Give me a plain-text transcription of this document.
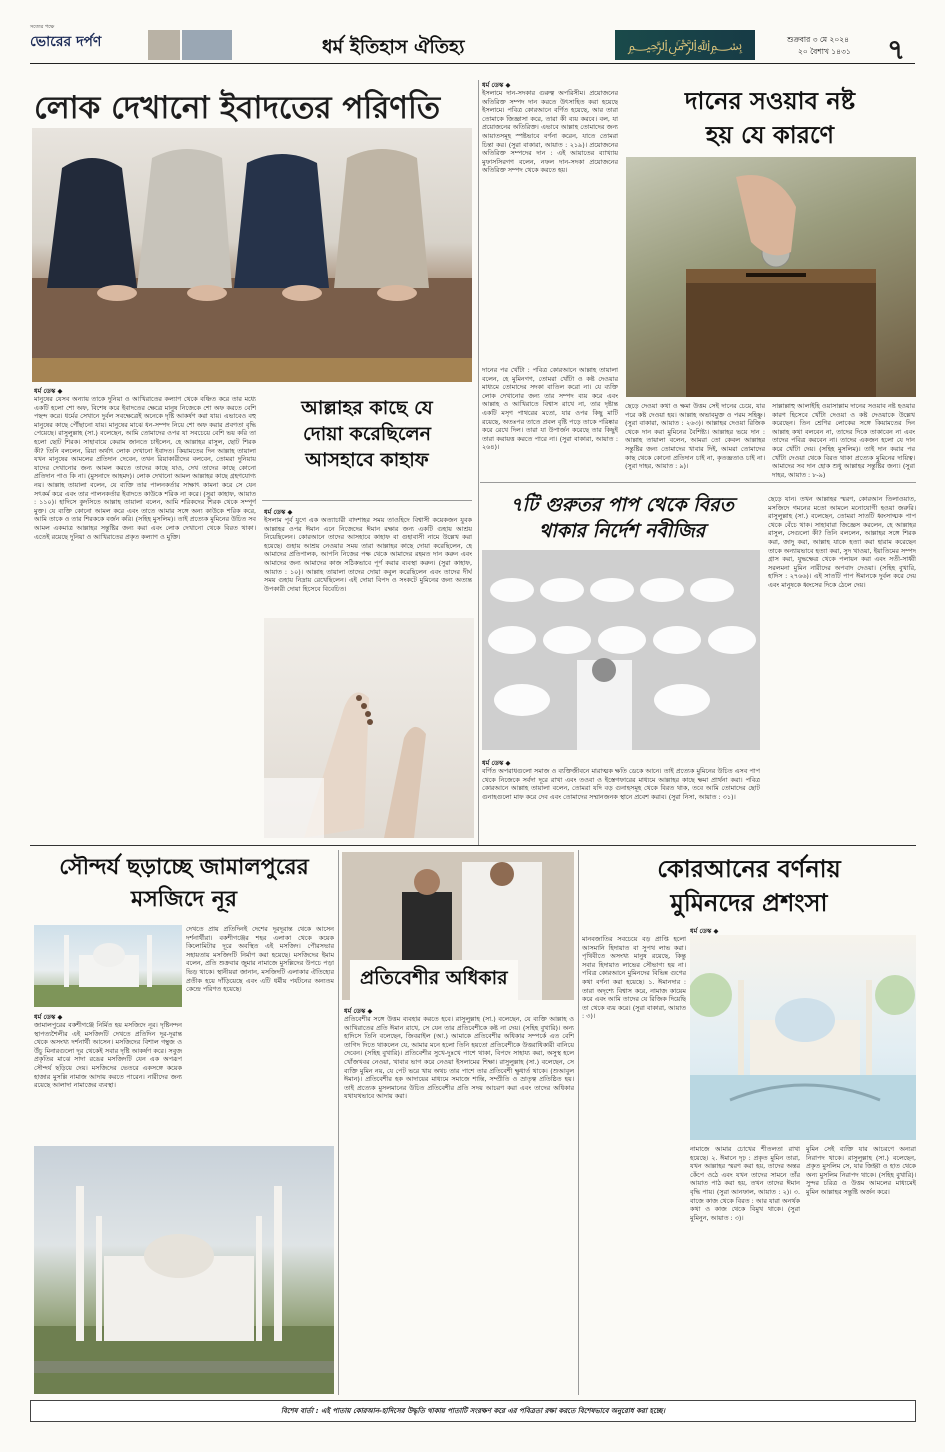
সত্যের পক্ষে
ভোরের দর্পণ	ধর্ম ইতিহাস ঐতিহ্য	﷽	শুক্রবার ৩ মে ২০২৪
২০ বৈশাখ ১৪৩১ ৭
লোক দেখানো ইবাদতের পরিণতি
ধর্ম ডেস্ক ◆
মানুষের যেসব অন্যায় তাকে দুনিয়া ও আখিরাতের কল্যাণ থেকে বঞ্চিত করে তার মধ্যে একটি হলো শো অফ, বিশেষ করে ইবাদতের ক্ষেত্রে মানুষ নিজেকে শো অফ করতে বেশি পছন্দ করে। ধর্মের সেখানে দুর্বল সবক্ষেত্রেই অনেকে দৃষ্টি আকর্ষণ করা যায়। এভাবেও বহু মানুষের কাছে পৌঁছানো যায়। মানুষের মাঝে ধন-সম্পদ নিয়ে শো অফ করার প্রবণতা বৃদ্ধি পেয়েছে। রাসুলুল্লাহ (সা.) বলেছেন, আমি তোমাদের ওপর যা সবচেয়ে বেশি ভয় করি তা হলো ছোট শিরক। সাহাবায়ে কেরাম জানতে চাইলেন, হে আল্লাহর রাসুল, ছোট শিরক কী? তিনি বললেন, রিয়া অর্থাৎ লোক দেখানো ইবাদত। কিয়ামতের দিন আল্লাহ তায়ালা যখন মানুষের আমলের প্রতিদান দেবেন, তখন রিয়াকারীদের বলবেন, তোমরা দুনিয়ায় যাদের দেখানোর জন্য আমল করতে তাদের কাছে যাও, দেখ তাদের কাছে কোনো প্রতিদান পাও কি না। (মুসনাদে আহমদ)। লোক দেখানো আমল আল্লাহর কাছে গ্রহণযোগ্য নয়। আল্লাহ তায়ালা বলেন, যে ব্যক্তি তার পালনকর্তার সাক্ষাৎ কামনা করে সে যেন সৎকর্ম করে এবং তার পালনকর্তার ইবাদতে কাউকে শরিক না করে। (সুরা কাহাফ, আয়াত : ১১০)। হাদিসে কুদসিতে আল্লাহ তায়ালা বলেন, আমি শরিকদের শিরক থেকে সম্পূর্ণ মুক্ত। যে ব্যক্তি কোনো আমল করে এবং তাতে আমার সঙ্গে অন্য কাউকে শরিক করে, আমি তাকে ও তার শিরককে বর্জন করি। (সহিহ মুসলিম)। তাই প্রত্যেক মুমিনের উচিত সব আমল একমাত্র আল্লাহর সন্তুষ্টির জন্য করা এবং লোক দেখানো থেকে বিরত থাকা। এতেই রয়েছে দুনিয়া ও আখিরাতের প্রকৃত কল্যাণ ও মুক্তি।
আল্লাহর কাছে যে
দোয়া করেছিলেন
আসহাবে কাহাফ
ধর্ম ডেস্ক ◆
ইসলাম পূর্ব যুগে এক অত্যাচারী বাদশাহর সময় তাওহিদে বিশ্বাসী কয়েকজন যুবক আল্লাহর ওপর ঈমান এনে নিজেদের ঈমান রক্ষার জন্য একটি গুহায় আশ্রয় নিয়েছিলেন। কোরআনে তাদের আসহাবে কাহাফ বা গুহাবাসী নামে উল্লেখ করা হয়েছে। গুহায় আশ্রয় নেওয়ার সময় তারা আল্লাহর কাছে দোয়া করেছিলেন, হে আমাদের প্রতিপালক, আপনি নিজের পক্ষ থেকে আমাদের রহমত দান করুন এবং আমাদের জন্য আমাদের কাজ সঠিকভাবে পূর্ণ করার ব্যবস্থা করুন। (সুরা কাহাফ, আয়াত : ১০)। আল্লাহ তায়ালা তাদের দোয়া কবুল করেছিলেন এবং তাদের দীর্ঘ সময় গুহায় নিদ্রায় রেখেছিলেন। এই দোয়া বিপদ ও সংকটে মুমিনের জন্য অত্যন্ত উপকারী দোয়া হিসেবে বিবেচিত।
ধর্ম ডেস্ক ◆
ইসলামে দান-সদকার গুরুত্ব অপরিসীম। প্রয়োজনের অতিরিক্ত সম্পদ দান করতে উৎসাহিত করা হয়েছে ইসলামে। পবিত্র কোরআনে বর্ণিত হয়েছে, আর তারা তোমাকে জিজ্ঞাসা করে, তারা কী ব্যয় করবে। বল, যা প্রয়োজনের অতিরিক্ত। এভাবে আল্লাহ তোমাদের জন্য আয়াতসমূহ স্পষ্টভাবে বর্ণনা করেন, যাতে তোমরা চিন্তা কর। (সুরা বাকারা, আয়াত : ২১৯)। প্রয়োজনের অতিরিক্ত সম্পদের দান : এই আয়াতের ব্যাখ্যায় মুফাসসিরগণ বলেন, নফল দান-সদকা প্রয়োজনের অতিরিক্ত সম্পদ থেকে করতে হয়।
দানের পর খোঁটা : পবিত্র কোরআনে আল্লাহ তায়ালা বলেন, হে মুমিনগণ, তোমরা খোঁটা ও কষ্ট দেওয়ার মাধ্যমে তোমাদের সদকা বাতিল করো না। যে ব্যক্তি লোক দেখানোর জন্য তার সম্পদ ব্যয় করে এবং আল্লাহ ও আখিরাতে বিশ্বাস রাখে না, তার দৃষ্টান্ত একটি মসৃণ পাথরের মতো, যার ওপর কিছু মাটি রয়েছে, অতঃপর তাতে প্রবল বৃষ্টি পড়ে তাকে পরিষ্কার করে রেখে দিল। তারা যা উপার্জন করেছে তার কিছুই তারা করায়ত্ত করতে পারে না। (সুরা বাকারা, আয়াত : ২৬৪)।
দানের সওয়াব নষ্ট
হয় যে কারণে
ছেড়ে দেওয়া কথা ও ক্ষমা উত্তম সেই দানের চেয়ে, যার পরে কষ্ট দেওয়া হয়। আল্লাহ অভাবমুক্ত ও পরম সহিষ্ণু। (সুরা বাকারা, আয়াত : ২৬৩)। আল্লাহর দেওয়া রিজিক থেকে দান করা মুমিনের বৈশিষ্ট্য। আল্লাহর ভয়ে দান : আল্লাহ তায়ালা বলেন, আমরা তো কেবল আল্লাহর সন্তুষ্টির জন্য তোমাদের খাবার দিই, আমরা তোমাদের কাছ থেকে কোনো প্রতিদান চাই না, কৃতজ্ঞতাও চাই না। (সুরা দাহর, আয়াত : ৯)।
সাল্লাল্লাহু আলাইহি ওয়াসাল্লাম দানের সওয়াব নষ্ট হওয়ার কারণ হিসেবে খোঁটা দেওয়া ও কষ্ট দেওয়াকে উল্লেখ করেছেন। তিন শ্রেণির লোকের সঙ্গে কিয়ামতের দিন আল্লাহ কথা বলবেন না, তাদের দিকে তাকাবেন না এবং তাদের পবিত্র করবেন না। তাদের একজন হলো যে দান করে খোঁটা দেয়। (সহিহ মুসলিম)। তাই দান করার পর খোঁটা দেওয়া থেকে বিরত থাকা প্রত্যেক মুমিনের দায়িত্ব। আমাদের সব দান হোক শুধু আল্লাহর সন্তুষ্টির জন্য। (সুরা দাহর, আয়াত : ৮-৯)
৭টি গুরুতর পাপ থেকে বিরত
থাকার নির্দেশ নবীজির
ধর্ম ডেস্ক ◆
বর্ণিত অপরাধগুলো সমাজ ও ব্যক্তিজীবনে মারাত্মক ক্ষতি ডেকে আনে। তাই প্রত্যেক মুমিনের উচিত এসব পাপ থেকে নিজেকে সর্বদা দূরে রাখা এবং তওবা ও ইস্তেগফারের মাধ্যমে আল্লাহর কাছে ক্ষমা প্রার্থনা করা। পবিত্র কোরআনে আল্লাহ তায়ালা বলেন, তোমরা যদি বড় গুনাহসমূহ থেকে বিরত থাক, তবে আমি তোমাদের ছোট গুনাহগুলো মাফ করে দেব এবং তোমাদের সম্মানজনক স্থানে প্রবেশ করাব। (সুরা নিসা, আয়াত : ৩১)।
ছেড়ে যান। তখন আল্লাহর স্মরণ, কোরআন তিলাওয়াত, মসজিদে গমনের মতো আমলে মনোযোগী হওয়া জরুরি। রাসুলুল্লাহ (সা.) বলেছেন, তোমরা সাতটি ধ্বংসাত্মক পাপ থেকে বেঁচে থাক। সাহাবারা জিজ্ঞেস করলেন, হে আল্লাহর রাসুল, সেগুলো কী? তিনি বললেন, আল্লাহর সঙ্গে শিরক করা, জাদু করা, আল্লাহ যাকে হত্যা করা হারাম করেছেন তাকে অন্যায়ভাবে হত্যা করা, সুদ খাওয়া, ইয়াতিমের সম্পদ গ্রাস করা, যুদ্ধক্ষেত্র থেকে পলায়ন করা এবং সতী-সাধ্বী সরলমনা মুমিন নারীদের অপবাদ দেওয়া। (সহিহ বুখারি, হাদিস : ২৭৬৬)। এই সাতটি পাপ ঈমানকে দুর্বল করে দেয় এবং মানুষকে ধ্বংসের দিকে ঠেলে দেয়।
সৌন্দর্য ছড়াচ্ছে জামালপুরের
মসজিদে নূর
ধর্ম ডেস্ক ◆
জামালপুরের বকশীগঞ্জে নির্মিত হয় মসজিদে নূর। দৃষ্টিনন্দন স্থাপত্যশৈলীর এই মসজিদটি দেখতে প্রতিদিন দূর-দূরান্ত থেকে অসংখ্য দর্শনার্থী আসেন। মসজিদের বিশাল গম্বুজ ও উঁচু মিনারগুলো দূর থেকেই সবার দৃষ্টি আকর্ষণ করে। সবুজ প্রকৃতির মাঝে সাদা রঙের মসজিদটি যেন এক অপরূপ সৌন্দর্য ছড়িয়ে দেয়। মসজিদের ভেতরে একসঙ্গে কয়েক হাজার মুসল্লি নামাজ আদায় করতে পারেন। নারীদের জন্য রয়েছে আলাদা নামাজের ব্যবস্থা।
দেখতে প্রায় প্রতিদিনই দেশের দূরদূরান্ত থেকে আসেন দর্শনার্থীরা। বকশীগঞ্জের শহর এলাকা থেকে কয়েক কিলোমিটার দূরে অবস্থিত এই মসজিদ। পৌরসভার সহায়তায় মসজিদটি নির্মাণ করা হয়েছে। মসজিদের ইমাম বলেন, প্রতি শুক্রবার জুমার নামাজে মুসল্লিদের উপচে পড়া ভিড় থাকে। স্থানীয়রা জানান, মসজিদটি এলাকার ঐতিহ্যের প্রতীক হয়ে দাঁড়িয়েছে এবং এটি ধর্মীয় পর্যটনের অন্যতম কেন্দ্রে পরিণত হয়েছে।
প্রতিবেশীর অধিকার
ধর্ম ডেস্ক ◆
প্রতিবেশীর সঙ্গে উত্তম ব্যবহার করতে হবে। রাসুলুল্লাহ (সা.) বলেছেন, যে ব্যক্তি আল্লাহ ও আখিরাতের প্রতি ঈমান রাখে, সে যেন তার প্রতিবেশীকে কষ্ট না দেয়। (সহিহ বুখারি)। অন্য হাদিসে তিনি বলেছেন, জিবরাইল (আ.) আমাকে প্রতিবেশীর অধিকার সম্পর্কে এত বেশি তাগিদ দিতে থাকলেন যে, আমার মনে হলো তিনি হয়তো প্রতিবেশীকে উত্তরাধিকারী বানিয়ে দেবেন। (সহিহ বুখারি)। প্রতিবেশীর সুখে-দুঃখে পাশে থাকা, বিপদে সাহায্য করা, অসুস্থ হলে খোঁজখবর নেওয়া, খাবার ভাগ করে নেওয়া ইসলামের শিক্ষা। রাসুলুল্লাহ (সা.) বলেছেন, সে ব্যক্তি মুমিন নয়, যে পেট ভরে খায় অথচ তার পাশে তার প্রতিবেশী ক্ষুধার্ত থাকে। (শুআবুল ঈমান)। প্রতিবেশীর হক আদায়ের মাধ্যমে সমাজে শান্তি, সম্প্রীতি ও ভ্রাতৃত্ব প্রতিষ্ঠিত হয়। তাই প্রত্যেক মুসলমানের উচিত প্রতিবেশীর প্রতি সদয় আচরণ করা এবং তাদের অধিকার যথাযথভাবে আদায় করা।
কোরআনের বর্ণনায়
মুমিনদের প্রশংসা
ধর্ম ডেস্ক ◆
মানবজাতির সবচেয়ে বড় প্রাপ্তি হলো আসমানি হিদায়াত বা সুপথ লাভ করা। পৃথিবীতে অসংখ্য মানুষ রয়েছে, কিন্তু সবার হিদায়াত লাভের সৌভাগ্য হয় না। পবিত্র কোরআনে মুমিনদের বিভিন্ন গুণের কথা বর্ণনা করা হয়েছে। ১. ঈমানদার : তারা অদৃশ্যে বিশ্বাস করে, নামাজ কায়েম করে এবং আমি তাদের যে রিজিক দিয়েছি তা থেকে ব্যয় করে। (সুরা বাকারা, আয়াত : ৩)।
নামাজে আমার চোখের শীতলতা রাখা হয়েছে। ২. ঈমানে দৃঢ় : প্রকৃত মুমিন তারা, যখন আল্লাহর স্মরণ করা হয়, তাদের অন্তর কেঁপে ওঠে এবং যখন তাদের সামনে তাঁর আয়াত পাঠ করা হয়, তখন তাদের ঈমান বৃদ্ধি পায়। (সুরা আনফাল, আয়াত : ২)। ৩. বাজে কাজ থেকে বিরত : আর যারা অনর্থক কথা ও কাজ থেকে বিমুখ থাকে। (সুরা মুমিনুন, আয়াত : ৩)।
মুমিন সেই ব্যক্তি যার আচরণে অন্যরা নিরাপদ থাকে। রাসুলুল্লাহ (সা.) বলেছেন, প্রকৃত মুসলিম সে, যার জিহ্বা ও হাত থেকে অন্য মুসলিম নিরাপদ থাকে। (সহিহ বুখারি)। সুন্দর চরিত্র ও উত্তম আমলের মাধ্যমেই মুমিন আল্লাহর সন্তুষ্টি অর্জন করে।
বিশেষ বার্তা : এই পাতায় কোরআন-হাদিসের উদ্ধৃতি থাকায় পাতাটি সংরক্ষণ করে এর পবিত্রতা রক্ষা করতে বিশেষভাবে অনুরোধ করা হচ্ছে।
